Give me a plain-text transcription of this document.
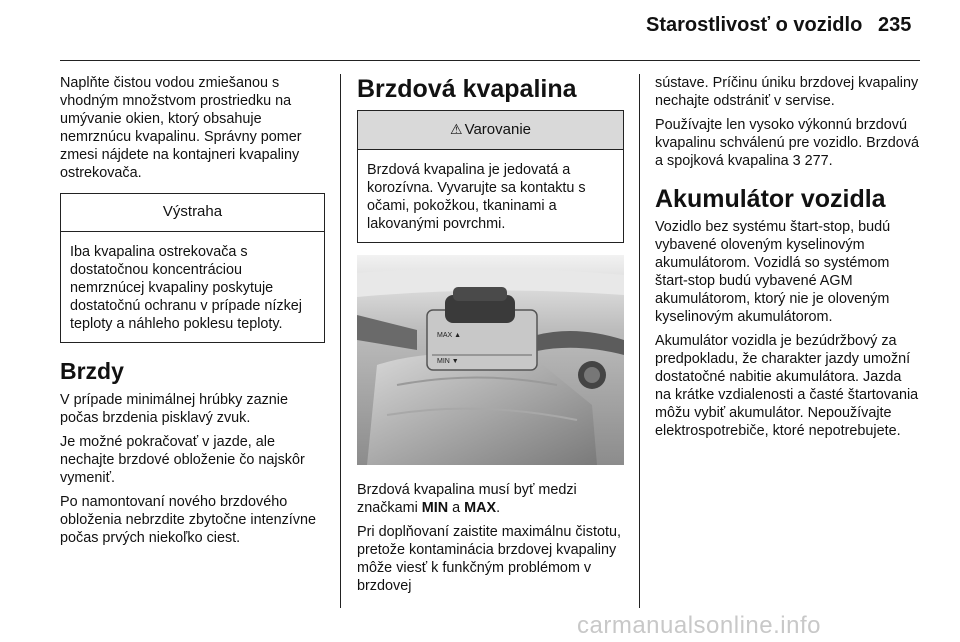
Starostlivosť o vozidlo 235

Naplňte čistou vodou zmiešanou s vhodným množstvom prostriedku na umývanie okien, ktorý obsahuje nemrznúcu kvapalinu. Správny pomer zmesi nájdete na kontajneri kvapaliny ostrekovača.

Výstraha
Iba kvapalina ostrekovača s dostatočnou koncentráciou nemrznúcej kvapaliny poskytuje dostatočnú ochranu v prípade nízkej teploty a náhleho poklesu teploty.
Brzdy

V prípade minimálnej hrúbky zaznie počas brzdenia pisklavý zvuk.

Je možné pokračovať v jazde, ale nechajte brzdové obloženie čo najskôr vymeniť.

Po namontovaní nového brzdového obloženia nebrzdite zbytočne intenzívne počas prvých niekoľko ciest.

Brzdová kvapalina
⚠ Varovanie
Brzdová kvapalina je jedovatá a korozívna. Vyvarujte sa kontaktu s očami, pokožkou, tkaninami a lakovanými povrchmi.
MAX ▲
MIN ▼

Brzdová kvapalina musí byť medzi značkami MIN a MAX.

Pri doplňovaní zaistite maximálnu čistotu, pretože kontaminácia brzdovej kvapaliny môže viesť k funkčným problémom v brzdovej

sústave. Príčinu úniku brzdovej kvapaliny nechajte odstrániť v servise.

Používajte len vysoko výkonnú brzdovú kvapalinu schválenú pre vozidlo. Brzdová a spojková kvapalina 3 277.

Akumulátor vozidla

Vozidlo bez systému štart-stop, budú vybavené oloveným kyselinovým akumulátorom. Vozidlá so systémom štart-stop budú vybavené AGM akumulátorom, ktorý nie je oloveným kyselinovým akumulátorom.

Akumulátor vozidla je bezúdržbový za predpokladu, že charakter jazdy umožní dostatočné nabitie akumulátora. Jazda na krátke vzdialenosti a časté štartovania môžu vybiť akumulátor. Nepoužívajte elektrospotrebiče, ktoré nepotrebujete.

carmanualsonline.info
